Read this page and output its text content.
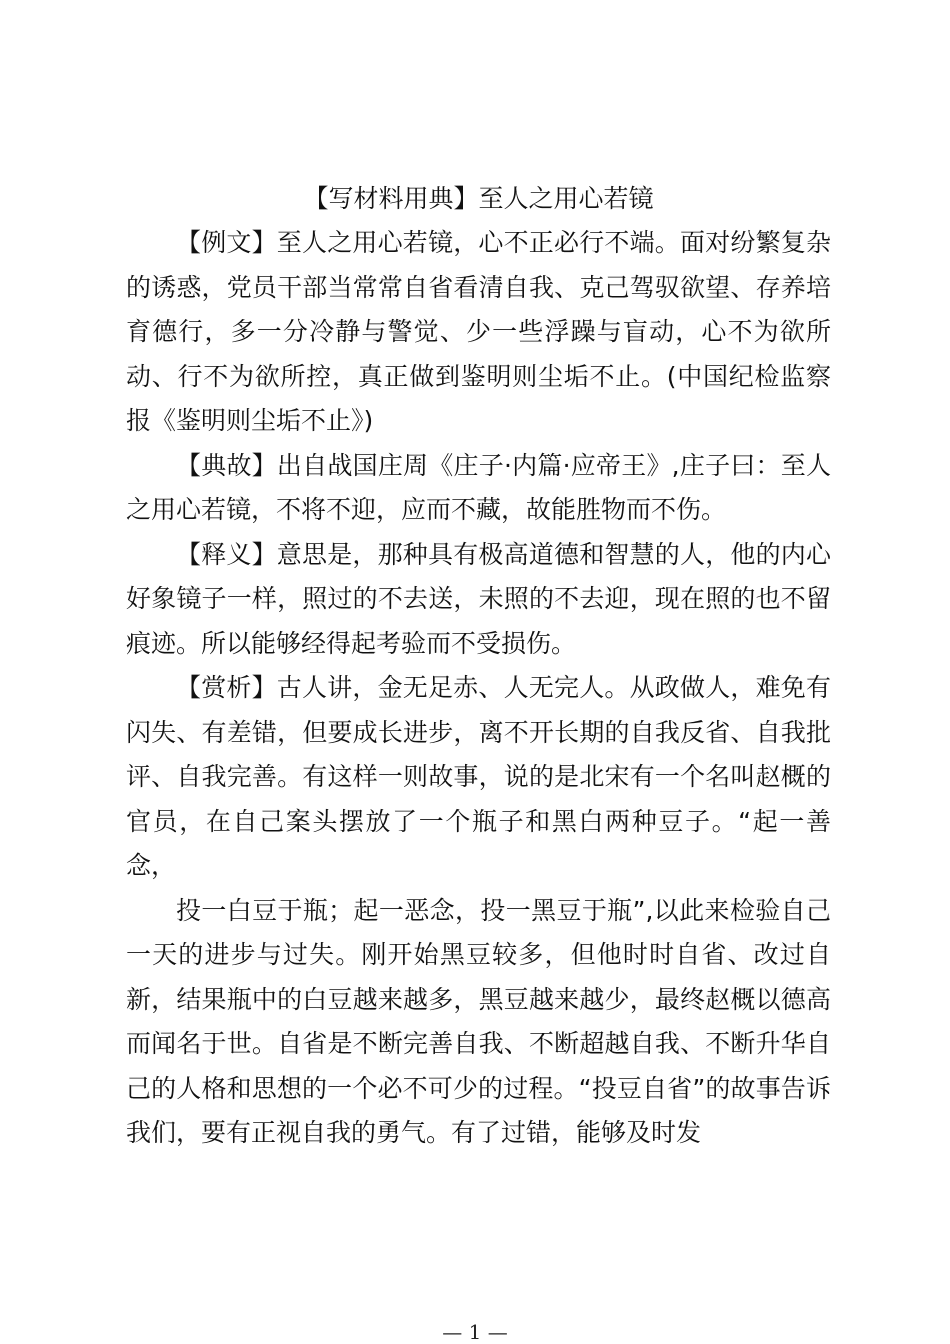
【写材料用典】至人之用心若镜

【例文】至人之用心若镜，心不正必行不端。面对纷繁复杂的诱惑，党员干部当常常自省看清自我、克己驾驭欲望、存养培育德行，多一分冷静与警觉、少一些浮躁与盲动，心不为欲所动、行不为欲所控，真正做到鉴明则尘垢不止。(中国纪检监察报《鉴明则尘垢不止》)

【典故】出自战国庄周《庄子·内篇·应帝王》,庄子曰：至人之用心若镜，不将不迎，应而不藏，故能胜物而不伤。

【释义】意思是，那种具有极高道德和智慧的人，他的内心好象镜子一样，照过的不去送，未照的不去迎，现在照的也不留痕迹。所以能够经得起考验而不受损伤。

【赏析】古人讲，金无足赤、人无完人。从政做人，难免有闪失、有差错，但要成长进步，离不开长期的自我反省、自我批评、自我完善。有这样一则故事，说的是北宋有一个名叫赵概的官员，在自己案头摆放了一个瓶子和黑白两种豆子。“起一善念，

投一白豆于瓶；起一恶念，投一黑豆于瓶”,以此来检验自己一天的进步与过失。刚开始黑豆较多，但他时时自省、改过自新，结果瓶中的白豆越来越多，黑豆越来越少，最终赵概以德高而闻名于世。自省是不断完善自我、不断超越自我、不断升华自己的人格和思想的一个必不可少的过程。“投豆自省”的故事告诉我们，要有正视自我的勇气。有了过错，能够及时发

— 1 —
